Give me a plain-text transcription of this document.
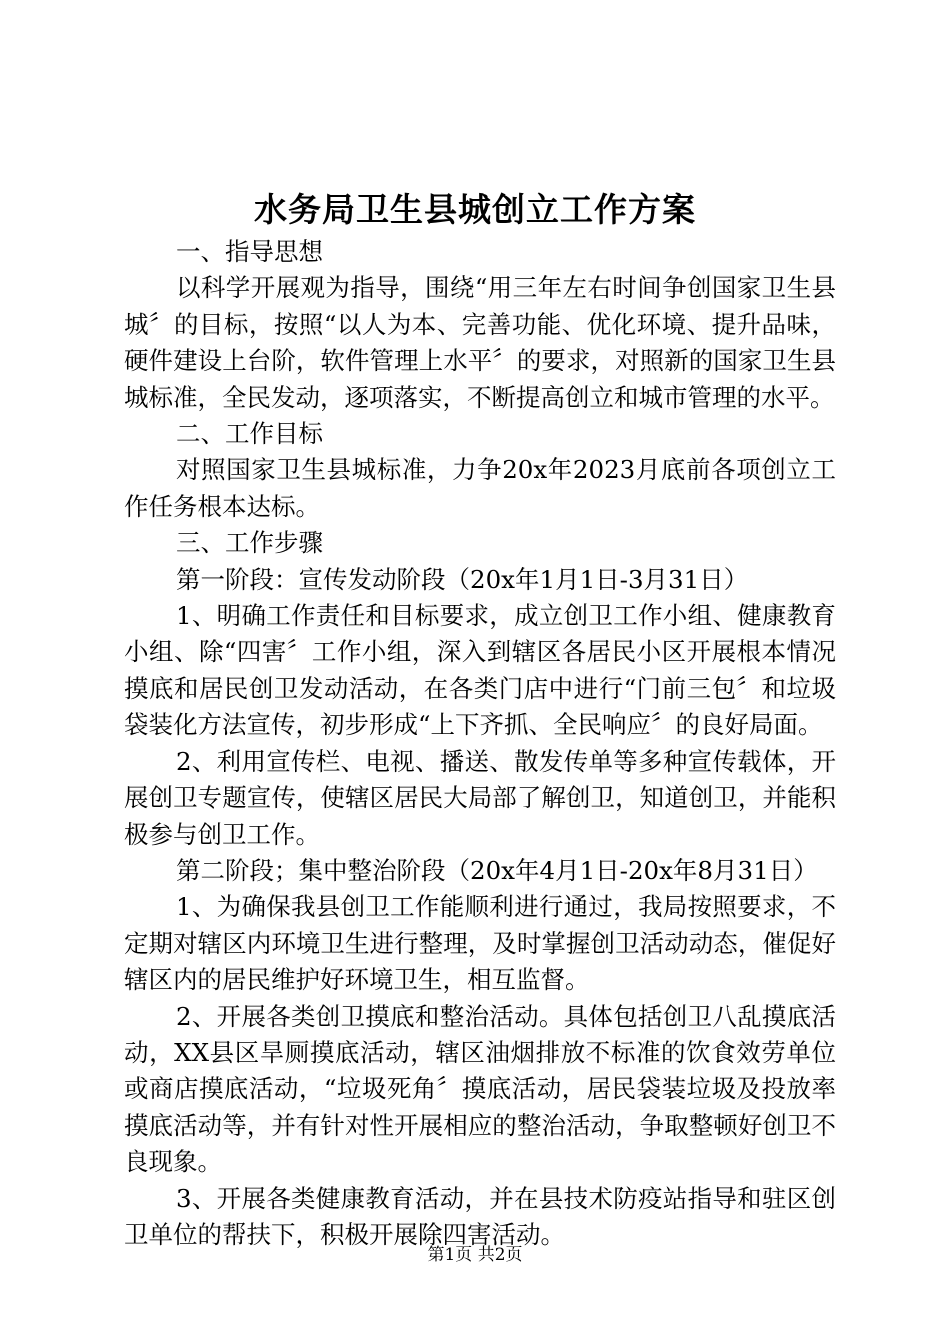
水务局卫生县城创立工作方案

一、指导思想

以科学开展观为指导，围绕“用三年左右时间争创国家卫生县城〞的目标，按照“以人为本、完善功能、优化环境、提升品味，硬件建设上台阶，软件管理上水平〞的要求，对照新的国家卫生县城标准，全民发动，逐项落实，不断提高创立和城市管理的水平。

二、工作目标

对照国家卫生县城标准，力争20x年2023月底前各项创立工作任务根本达标。

三、工作步骤

第一阶段：宣传发动阶段（20x年1月1日-3月31日）

1、明确工作责任和目标要求，成立创卫工作小组、健康教育小组、除“四害〞工作小组，深入到辖区各居民小区开展根本情况摸底和居民创卫发动活动，在各类门店中进行“门前三包〞和垃圾袋装化方法宣传，初步形成“上下齐抓、全民响应〞的良好局面。

2、利用宣传栏、电视、播送、散发传单等多种宣传载体，开展创卫专题宣传，使辖区居民大局部了解创卫，知道创卫，并能积极参与创卫工作。

第二阶段；集中整治阶段（20x年4月1日-20x年8月31日）

1、为确保我县创卫工作能顺利进行通过，我局按照要求，不定期对辖区内环境卫生进行整理，及时掌握创卫活动动态，催促好辖区内的居民维护好环境卫生，相互监督。

2、开展各类创卫摸底和整治活动。具体包括创卫八乱摸底活动，XX县区旱厕摸底活动，辖区油烟排放不标准的饮食效劳单位或商店摸底活动，“垃圾死角〞摸底活动，居民袋装垃圾及投放率摸底活动等，并有针对性开展相应的整治活动，争取整顿好创卫不良现象。

3、开展各类健康教育活动，并在县技术防疫站指导和驻区创卫单位的帮扶下，积极开展除四害活动。

第1页 共2页
